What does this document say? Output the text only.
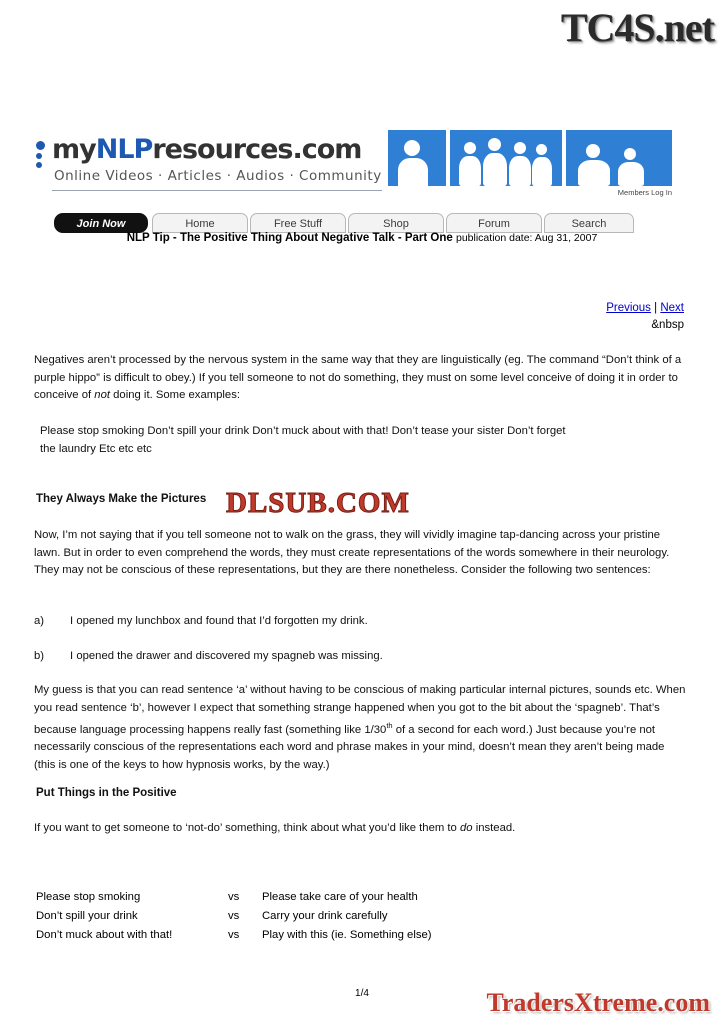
TC4S.net
myNLPresources.com
Online Videos · Articles · Audios · Community
Members Log In
Join Now	Home	Free Stuff	Shop	Forum	Search
NLP Tip - The Positive Thing About Negative Talk - Part One publication date: Aug 31, 2007
Previous | Next
&nbsp
Negatives aren’t processed by the nervous system in the same way that they are linguistically (eg. The command “Don’t think of a purple hippo” is difficult to obey.) If you tell someone to not do something, they must on some level conceive of doing it in order to conceive of not doing it. Some examples:
Please stop smoking Don’t spill your drink Don’t muck about with that! Don’t tease your sister Don’t forget
the laundry Etc etc etc
They Always Make the Pictures DLSUB.COM
Now, I’m not saying that if you tell someone not to walk on the grass, they will vividly imagine tap-dancing across your pristine lawn. But in order to even comprehend the words, they must create representations of the words somewhere in their neurology. They may not be conscious of these representations, but they are there nonetheless. Consider the following two sentences:
a) I opened my lunchbox and found that I’d forgotten my drink.
b) I opened the drawer and discovered my spagneb was missing.
My guess is that you can read sentence ‘a’ without having to be conscious of making particular internal pictures, sounds etc. When you read sentence ‘b’, however I expect that something strange happened when you got to the bit about the ‘spagneb’. That’s because language processing happens really fast (something like 1/30th of a second for each word.) Just because you’re not necessarily conscious of the representations each word and phrase makes in your mind, doesn’t mean they aren’t being made (this is one of the keys to how hypnosis works, by the way.)
Put Things in the Positive
If you want to get someone to ‘not-do’ something, think about what you’d like them to do instead.
Please stop smoking	vs	Please take care of your health
Don’t spill your drink	vs	Carry your drink carefully
Don’t muck about with that!	vs	Play with this (ie. Something else)
1/4	TradersXtreme.com
